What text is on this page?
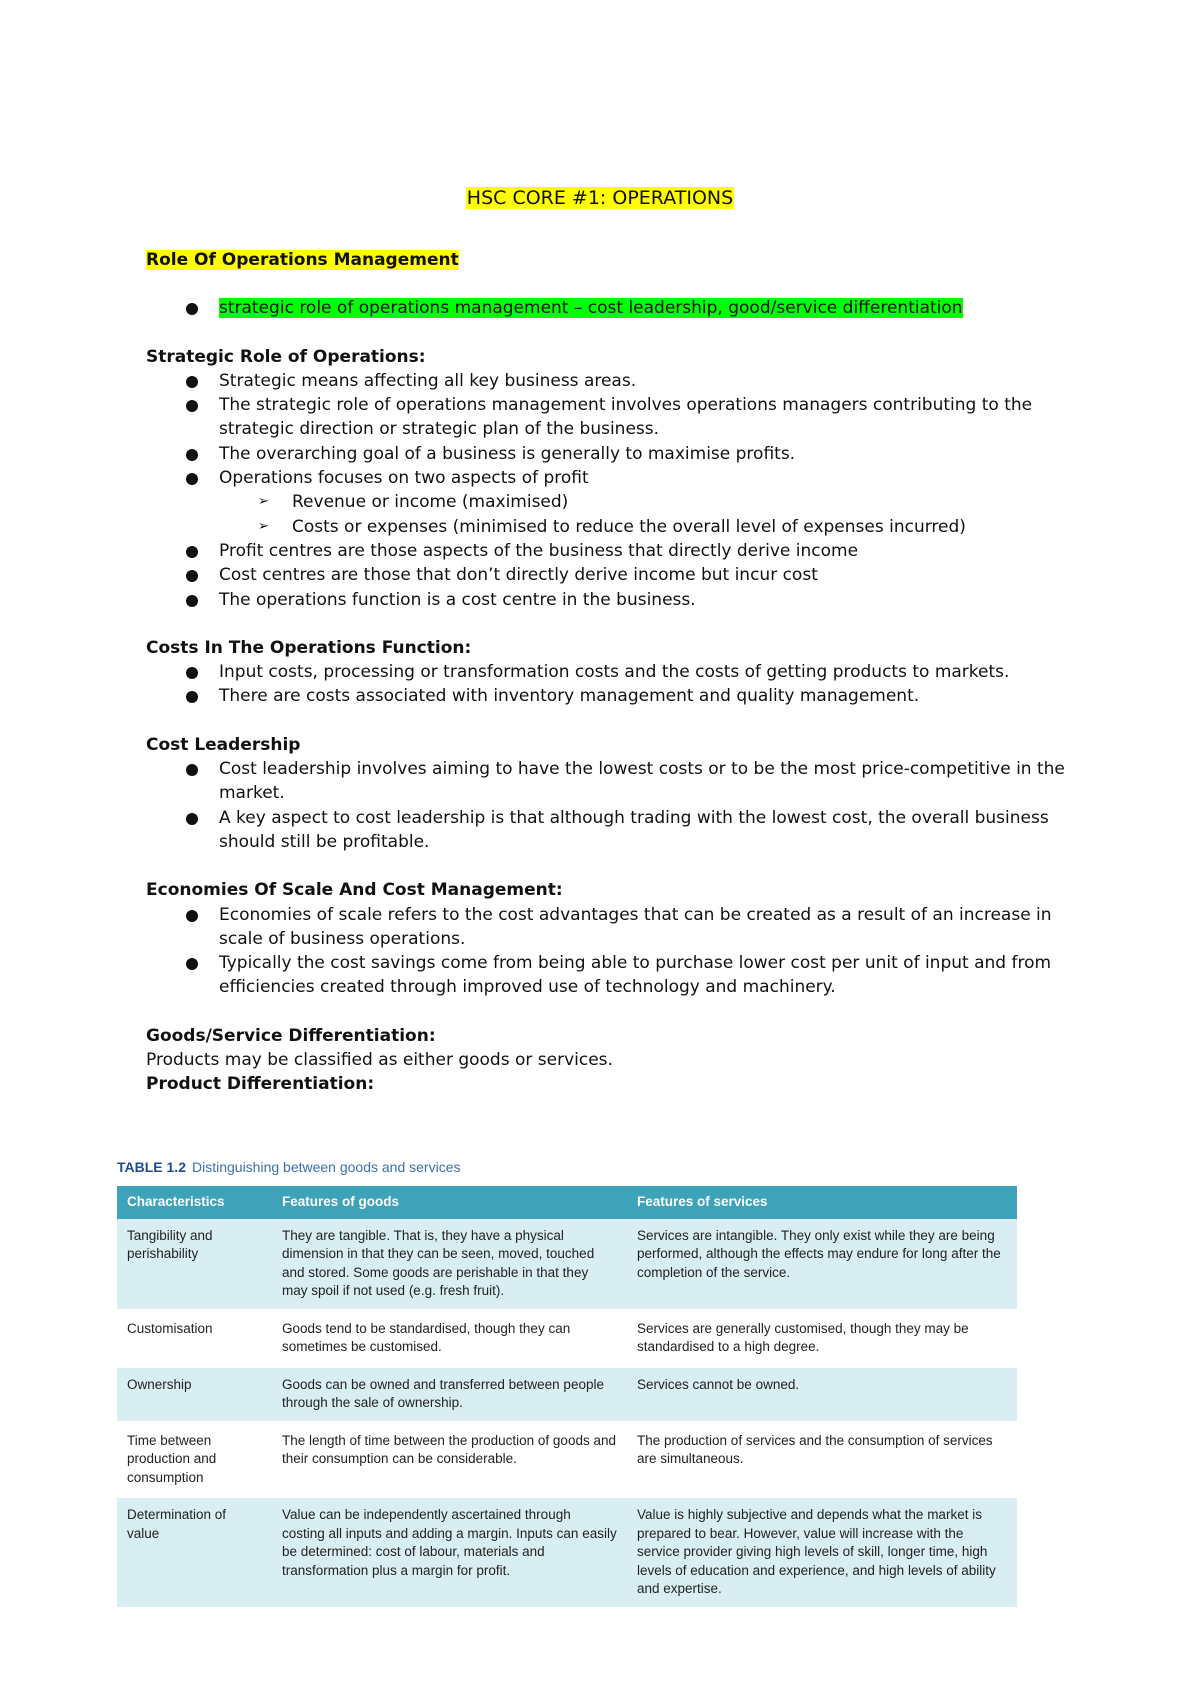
HSC CORE #1: OPERATIONS

Role Of Operations Management

strategic role of operations management – cost leadership, good/service differentiation

Strategic Role of Operations:

Strategic means affecting all key business areas.
The strategic role of operations management involves operations managers contributing to the strategic direction or strategic plan of the business.
The overarching goal of a business is generally to maximise profits.
Operations focuses on two aspects of profit
➢ Revenue or income (maximised)
➢ Costs or expenses (minimised to reduce the overall level of expenses incurred)
Profit centres are those aspects of the business that directly derive income
Cost centres are those that don’t directly derive income but incur cost
The operations function is a cost centre in the business.

Costs In The Operations Function:

Input costs, processing or transformation costs and the costs of getting products to markets.
There are costs associated with inventory management and quality management.

Cost Leadership

Cost leadership involves aiming to have the lowest costs or to be the most price-competitive in the market.
A key aspect to cost leadership is that although trading with the lowest cost, the overall business should still be profitable.

Economies Of Scale And Cost Management:

Economies of scale refers to the cost advantages that can be created as a result of an increase in scale of business operations.
Typically the cost savings come from being able to purchase lower cost per unit of input and from efficiencies created through improved use of technology and machinery.

Goods/Service Differentiation:

Products may be classified as either goods or services.

Product Differentiation:

TABLE 1.2 Distinguishing between goods and services
Characteristics	Features of goods	Features of services
Tangibility and perishability	They are tangible. That is, they have a physical dimension in that they can be seen, moved, touched and stored. Some goods are perishable in that they may spoil if not used (e.g. fresh fruit).	Services are intangible. They only exist while they are being performed, although the effects may endure for long after the completion of the service.
Customisation	Goods tend to be standardised, though they can sometimes be customised.	Services are generally customised, though they may be standardised to a high degree.
Ownership	Goods can be owned and transferred between people through the sale of ownership.	Services cannot be owned.
Time between production and consumption	The length of time between the production of goods and their consumption can be considerable.	The production of services and the consumption of services are simultaneous.
Determination of value	Value can be independently ascertained through costing all inputs and adding a margin. Inputs can easily be determined: cost of labour, materials and transformation plus a margin for profit.	Value is highly subjective and depends what the market is prepared to bear. However, value will increase with the service provider giving high levels of skill, longer time, high levels of education and experience, and high levels of ability and expertise.
